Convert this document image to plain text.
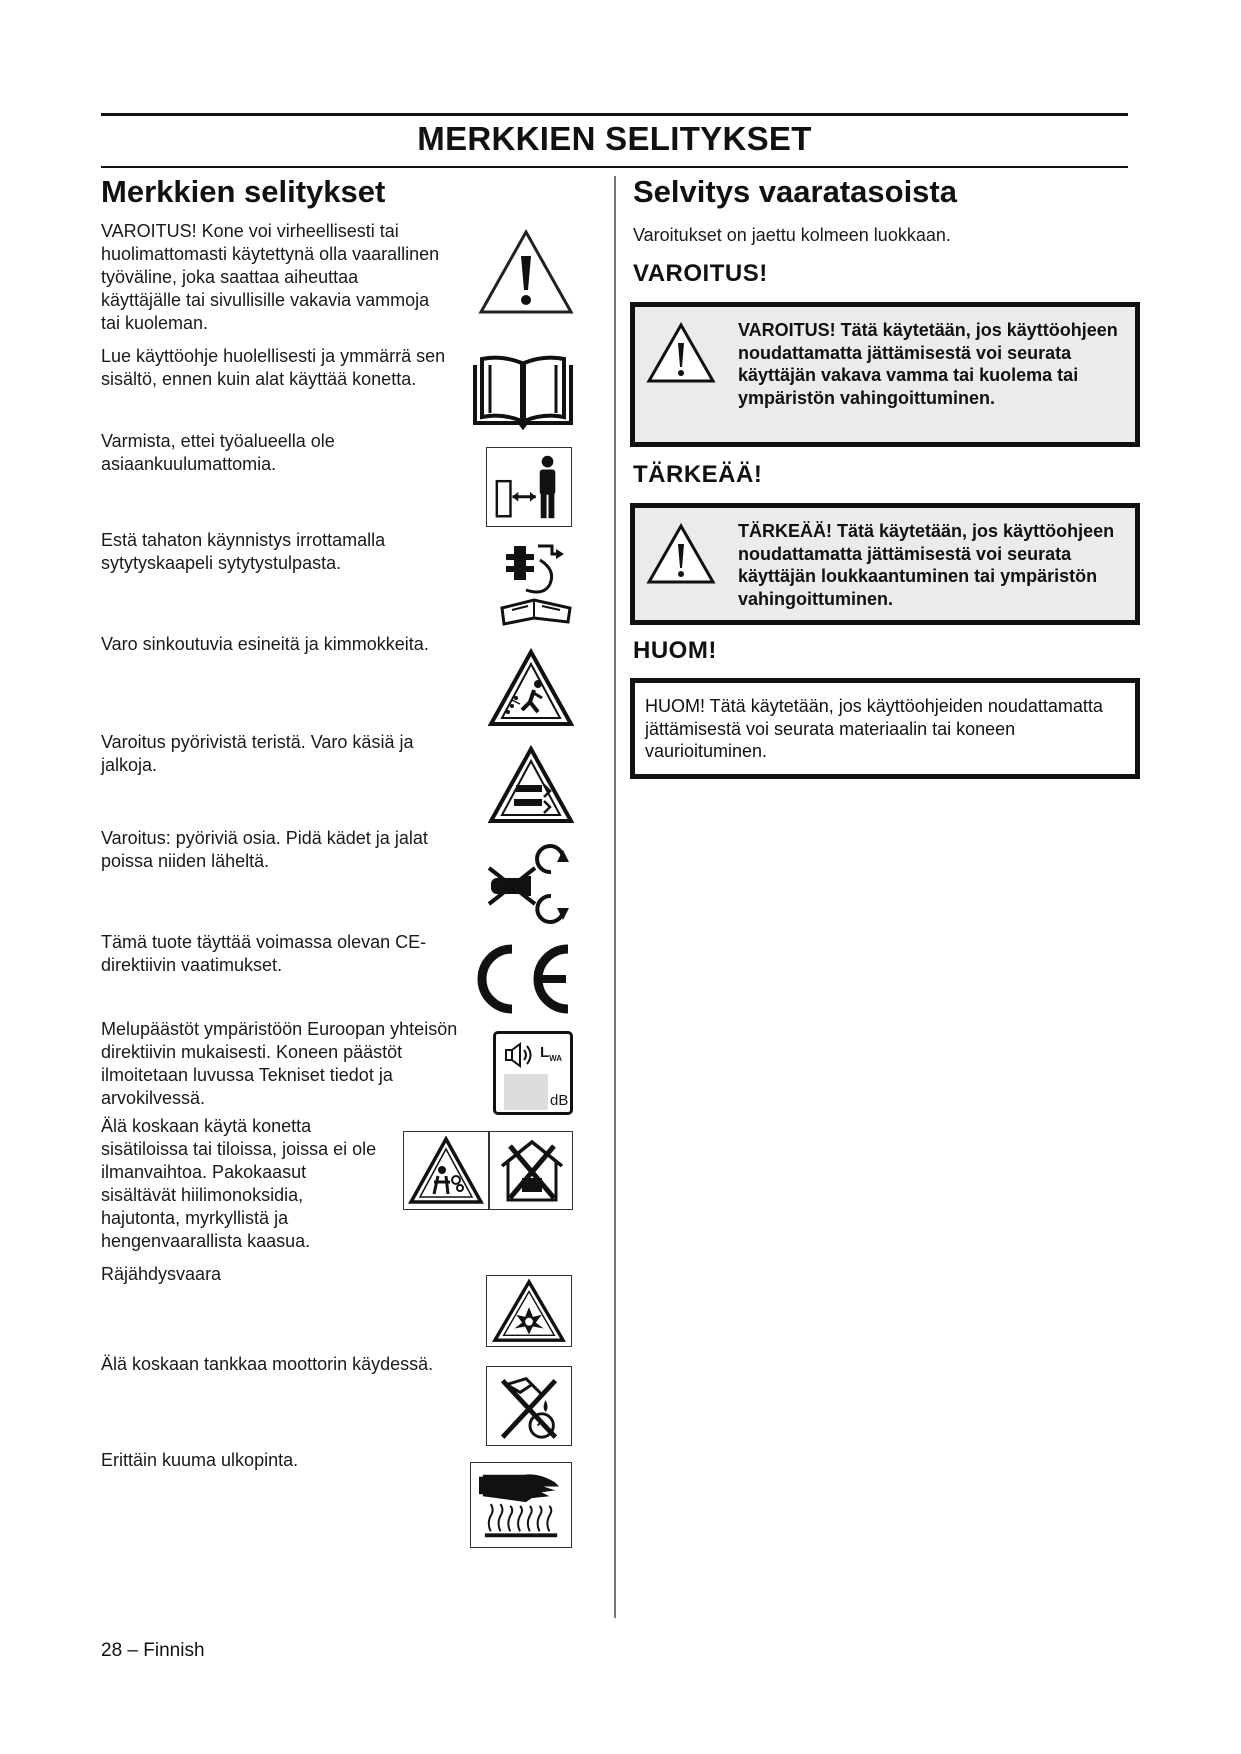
MERKKIEN SELITYKSET
Merkkien selitykset
VAROITUS! Kone voi virheellisesti tai huolimattomasti käytettynä olla vaarallinen työväline, joka saattaa aiheuttaa käyttäjälle tai sivullisille vakavia vammoja tai kuoleman.
Lue käyttöohje huolellisesti ja ymmärrä sen sisältö, ennen kuin alat käyttää konetta.
Varmista, ettei työalueella ole asiaankuulumattomia.
Estä tahaton käynnistys irrottamalla sytytyskaapeli sytytystulpasta.
Varo sinkoutuvia esineitä ja kimmokkeita.
Varoitus pyörivistä teristä. Varo käsiä ja jalkoja.
Varoitus: pyöriviä osia. Pidä kädet ja jalat poissa niiden läheltä.
Tämä tuote täyttää voimassa olevan CE-direktiivin vaatimukset.
Melupäästöt ympäristöön Euroopan yhteisön direktiivin mukaisesti. Koneen päästöt ilmoitetaan luvussa Tekniset tiedot ja arvokilvessä.
$L_{WA}$
dB
Älä koskaan käytä konetta sisätiloissa tai tiloissa, joissa ei ole ilmanvaihtoa. Pakokaasut sisältävät hiilimonoksidia, hajutonta, myrkyllistä ja hengenvaarallista kaasua.
Räjähdysvaara
Älä koskaan tankkaa moottorin käydessä.
Erittäin kuuma ulkopinta.
Selvitys vaaratasoista
Varoitukset on jaettu kolmeen luokkaan.
VAROITUS!
VAROITUS! Tätä käytetään, jos käyttöohjeen noudattamatta jättämisestä voi seurata käyttäjän vakava vamma tai kuolema tai ympäristön vahingoittuminen.
TÄRKEÄÄ!
TÄRKEÄÄ! Tätä käytetään, jos käyttöohjeen noudattamatta jättämisestä voi seurata käyttäjän loukkaantuminen tai ympäristön vahingoittuminen.
HUOM!
HUOM! Tätä käytetään, jos käyttöohjeiden noudattamatta jättämisestä voi seurata materiaalin tai koneen vaurioituminen.
28 – Finnish
